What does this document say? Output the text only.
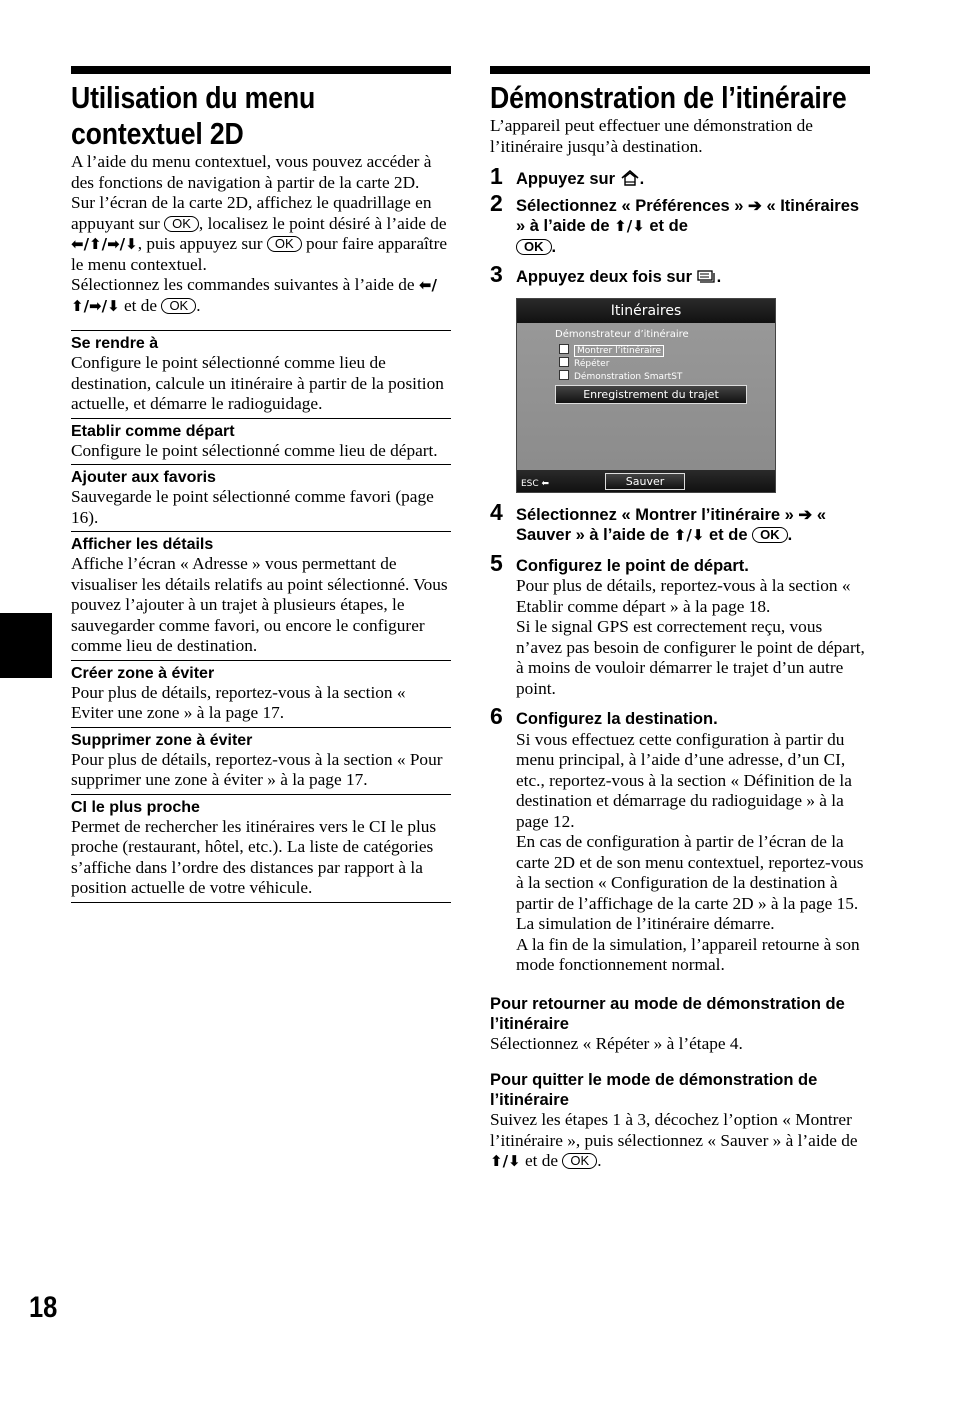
Utilisation du menu contextuel 2D

A l’aide du menu contextuel, vous pouvez accéder à des fonctions de navigation à partir de la carte 2D.
Sur l’écran de la carte 2D, affichez le quadrillage en appuyant sur OK , localisez le point désiré à l’aide de ⬅/⬆/➡/⬇, puis appuyez sur OK pour faire apparaître le menu contextuel.
Sélectionnez les commandes suivantes à l’aide de ⬅/⬆/➡/⬇ et de OK .

Se rendre à
Configure le point sélectionné comme lieu de destination, calcule un itinéraire à partir de la position actuelle, et démarre le radioguidage.
Etablir comme départ
Configure le point sélectionné comme lieu de départ.
Ajouter aux favoris
Sauvegarde le point sélectionné comme favori (page 16).
Afficher les détails
Affiche l’écran « Adresse » vous permettant de visualiser les détails relatifs au point sélectionné. Vous pouvez l’ajouter à un trajet à plusieurs étapes, le sauvegarder comme favori, ou encore le configurer comme lieu de destination.
Créer zone à éviter
Pour plus de détails, reportez-vous à la section « Eviter une zone » à la page 17.
Supprimer zone à éviter
Pour plus de détails, reportez-vous à la section « Pour supprimer une zone à éviter » à la page 17.
CI le plus proche
Permet de rechercher les itinéraires vers le CI le plus proche (restaurant, hôtel, etc.). La liste de catégories s’affiche dans l’ordre des distances par rapport à la position actuelle de votre véhicule.
Démonstration de l’itinéraire

L’appareil peut effectuer une démonstration de l’itinéraire jusqu’à destination.

1 Appuyez sur .
2 Sélectionnez « Préférences » ➔ « Itinéraires » à l’aide de ⬆/⬇ et de
OK .
3 Appuyez deux fois sur .
Itinéraires
Démonstrateur d’itinéraire
Montrer l’itinéraire
Répéter
Démonstration SmartST
Enregistrement du trajet
ESC ⬅	Sauver
4 Sélectionnez « Montrer l’itinéraire » ➔ « Sauver » à l’aide de ⬆/⬇ et de OK .
5 Configurez le point de départ.
Pour plus de détails, reportez-vous à la section « Etablir comme départ » à la page 18.
Si le signal GPS est correctement reçu, vous n’avez pas besoin de configurer le point de départ, à moins de vouloir démarrer le trajet d’un autre point.
6 Configurez la destination.
Si vous effectuez cette configuration à partir du menu principal, à l’aide d’une adresse, d’un CI, etc., reportez-vous à la section « Définition de la destination et démarrage du radioguidage » à la page 12.
En cas de configuration à partir de l’écran de la carte 2D et de son menu contextuel, reportez-vous à la section « Configuration de la destination à partir de l’affichage de la carte 2D » à la page 15.
La simulation de l’itinéraire démarre.
A la fin de la simulation, l’appareil retourne à son mode fonctionnement normal.
Pour retourner au mode de démonstration de l’itinéraire

Sélectionnez « Répéter » à l’étape 4.

Pour quitter le mode de démonstration de l’itinéraire

Suivez les étapes 1 à 3, décochez l’option « Montrer l’itinéraire », puis sélectionnez « Sauver » à l’aide de ⬆/⬇ et de OK .

18
